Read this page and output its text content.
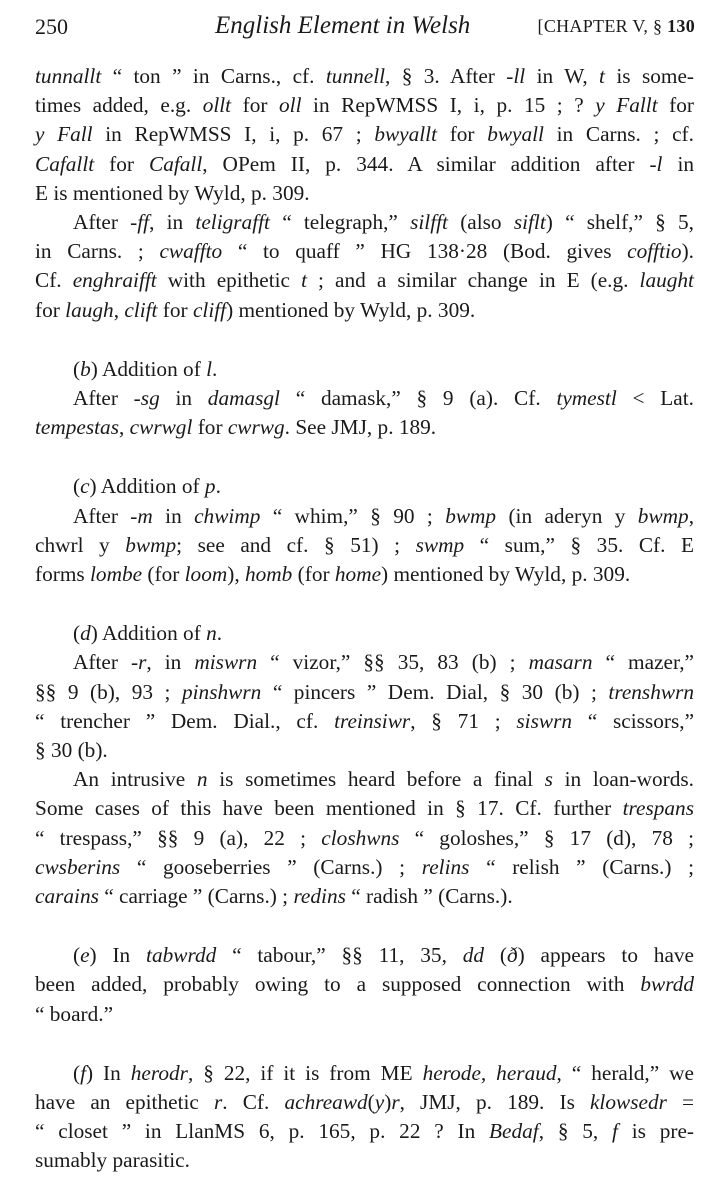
250	English Element in Welsh	[CHAPTER V, § 130
tunnallt “ ton ” in Carns., cf. tunnell, § 3. After -ll in W, t is some-
times added, e.g. ollt for oll in RepWMSS I, i, p. 15 ; ? y Fallt for
y Fall in RepWMSS I, i, p. 67 ; bwyallt for bwyall in Carns. ; cf.
Cafallt for Cafall, OPem II, p. 344. A similar addition after -l in
E is mentioned by Wyld, p. 309.
After -ff, in teligrafft “ telegraph,” silfft (also siflt) “ shelf,” § 5,
in Carns. ; cwaffto “ to quaff ” HG 138·28 (Bod. gives cofftio).
Cf. enghraifft with epithetic t ; and a similar change in E (e.g. laught
for laugh, clift for cliff) mentioned by Wyld, p. 309.
(b) Addition of l.
After -sg in damasgl “ damask,” § 9 (a). Cf. tymestl < Lat.
tempestas, cwrwgl for cwrwg. See JMJ, p. 189.
(c) Addition of p.
After -m in chwimp “ whim,” § 90 ; bwmp (in aderyn y bwmp,
chwrl y bwmp; see and cf. § 51) ; swmp “ sum,” § 35. Cf. E
forms lombe (for loom), homb (for home) mentioned by Wyld, p. 309.
(d) Addition of n.
After -r, in miswrn “ vizor,” §§ 35, 83 (b) ; masarn “ mazer,”
§§ 9 (b), 93 ; pinshwrn “ pincers ” Dem. Dial, § 30 (b) ; trenshwrn
“ trencher ” Dem. Dial., cf. treinsiwr, § 71 ; siswrn “ scissors,”
§ 30 (b).
An intrusive n is sometimes heard before a final s in loan-words.
Some cases of this have been mentioned in § 17. Cf. further trespans
“ trespass,” §§ 9 (a), 22 ; closhwns “ goloshes,” § 17 (d), 78 ;
cwsberins “ gooseberries ” (Carns.) ; relins “ relish ” (Carns.) ;
carains “ carriage ” (Carns.) ; redins “ radish ” (Carns.).
(e) In tabwrdd “ tabour,” §§ 11, 35, dd (ð) appears to have
been added, probably owing to a supposed connection with bwrdd
“ board.”
(f) In herodr, § 22, if it is from ME herode, heraud, “ herald,” we
have an epithetic r. Cf. achreawd(y)r, JMJ, p. 189. Is klowsedr =
“ closet ” in LlanMS 6, p. 165, p. 22 ? In Bedaf, § 5, f is pre-
sumably parasitic.
